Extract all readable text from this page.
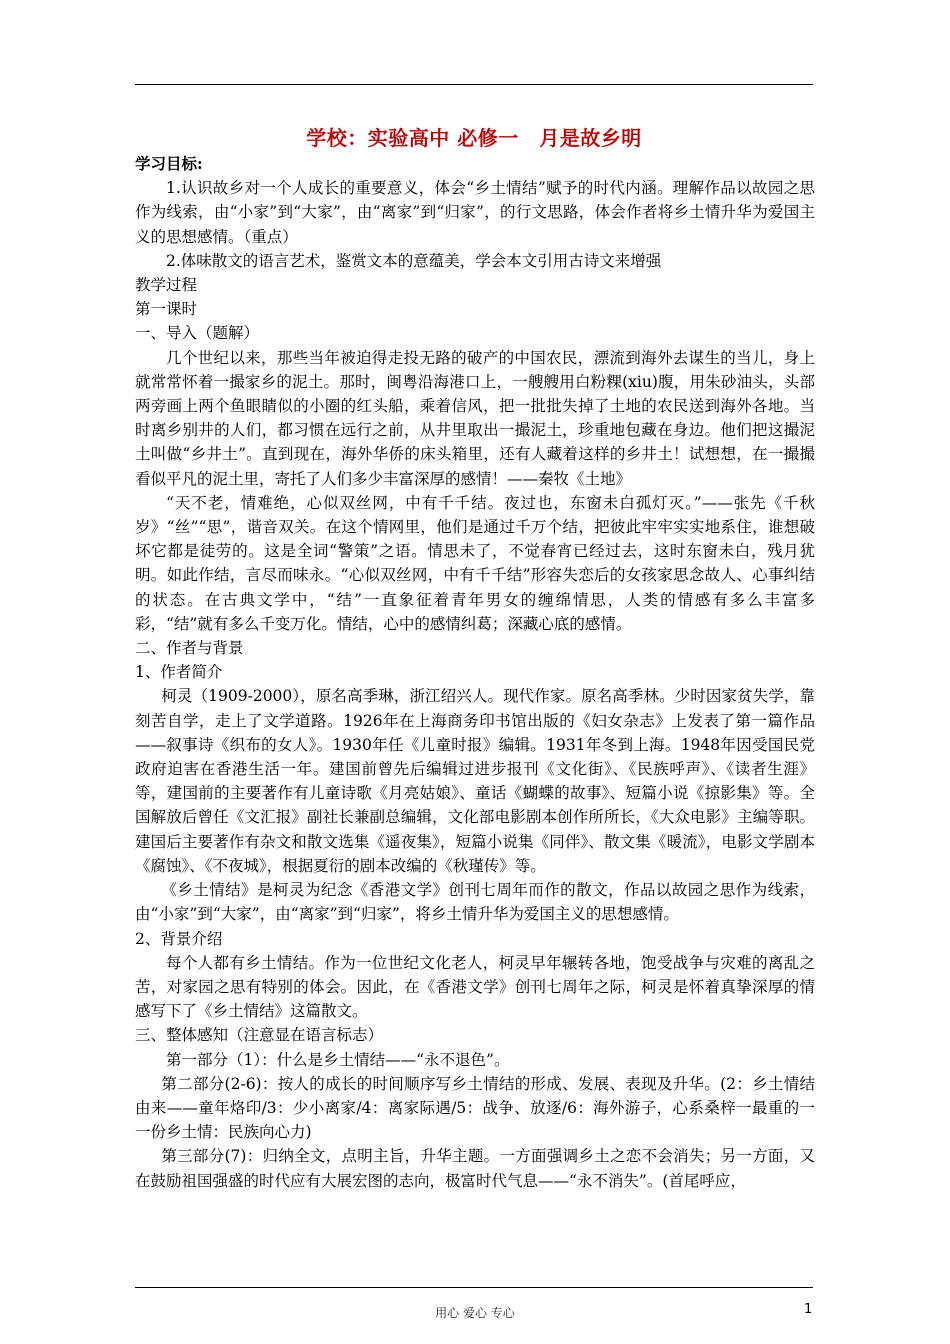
学校：实验高中 必修一　月是故乡明

学习目标:

1.认识故乡对一个人成长的重要意义，体会“乡土情结”赋予的时代内涵。理解作品以故园之思作为线索，由“小家”到“大家”，由“离家”到“归家”，的行文思路，体会作者将乡土情升华为爱国主义的思想感情。（重点）

2.体味散文的语言艺术，鉴赏文本的意蕴美，学会本文引用古诗文来增强

教学过程

第一课时

一、导入（题解）

几个世纪以来，那些当年被迫得走投无路的破产的中国农民，漂流到海外去谋生的当儿，身上就常常怀着一撮家乡的泥土。那时，闽粤沿海港口上，一艘艘用白粉粿(xiu)腹，用朱砂油头，头部两旁画上两个鱼眼睛似的小圈的红头船，乘着信风，把一批批失掉了土地的农民送到海外各地。当时离乡别井的人们，都习惯在远行之前，从井里取出一撮泥土，珍重地包藏在身边。他们把这撮泥土叫做“乡井土”。直到现在，海外华侨的床头箱里，还有人藏着这样的乡井土！试想想，在一撮撮看似平凡的泥土里，寄托了人们多少丰富深厚的感情！——秦牧《土地》

“天不老，情难绝，心似双丝网，中有千千结。夜过也，东窗未白孤灯灭。”——张先《千秋岁》“丝”“思”，谐音双关。在这个情网里，他们是通过千万个结，把彼此牢牢实实地系住，谁想破坏它都是徒劳的。这是全词“警策”之语。情思未了，不觉春宵已经过去，这时东窗未白，残月犹明。如此作结，言尽而味永。“心似双丝网，中有千千结”形容失恋后的女孩家思念故人、心事纠结的状态。在古典文学中，“结”一直象征着青年男女的缠绵情思，人类的情感有多么丰富多彩，“结”就有多么千变万化。情结，心中的感情纠葛；深藏心底的感情。

二、作者与背景

1、作者简介

柯灵（1909-2000），原名高季琳，浙江绍兴人。现代作家。原名高季林。少时因家贫失学，靠刻苦自学，走上了文学道路。1926年在上海商务印书馆出版的《妇女杂志》上发表了第一篇作品——叙事诗《织布的女人》。1930年任《儿童时报》编辑。1931年冬到上海。1948年因受国民党政府迫害在香港生活一年。建国前曾先后编辑过进步报刊《文化街》、《民族呼声》、《读者生涯》等，建国前的主要著作有儿童诗歌《月亮姑娘》、童话《蝴蝶的故事》、短篇小说《掠影集》等。全国解放后曾任《文汇报》副社长兼副总编辑，文化部电影剧本创作所所长，《大众电影》主编等职。建国后主要著作有杂文和散文选集《遥夜集》，短篇小说集《同伴》、散文集《暖流》，电影文学剧本《腐蚀》、《不夜城》，根据夏衍的剧本改编的《秋瑾传》等。

《乡土情结》是柯灵为纪念《香港文学》创刊七周年而作的散文，作品以故园之思作为线索，由“小家”到“大家”，由“离家”到“归家”，将乡土情升华为爱国主义的思想感情。

2、背景介绍

每个人都有乡土情结。作为一位世纪文化老人，柯灵早年辗转各地，饱受战争与灾难的离乱之苦，对家园之思有特别的体会。因此，在《香港文学》创刊七周年之际，柯灵是怀着真挚深厚的情感写下了《乡土情结》这篇散文。

三、整体感知（注意显在语言标志）

第一部分（1）：什么是乡土情结——“永不退色”。

第二部分(2-6)：按人的成长的时间顺序写乡土情结的形成、发展、表现及升华。(2：乡土情结由来——童年烙印/3：少小离家/4：离家际遇/5：战争、放逐/6：海外游子，心系桑梓一最重的一一份乡土情：民族向心力)

第三部分(7)：归纳全文，点明主旨，升华主题。一方面强调乡土之恋不会消失；另一方面，又在鼓励祖国强盛的时代应有大展宏图的志向，极富时代气息——“永不消失”。(首尾呼应，

用心 爱心 专心	1
